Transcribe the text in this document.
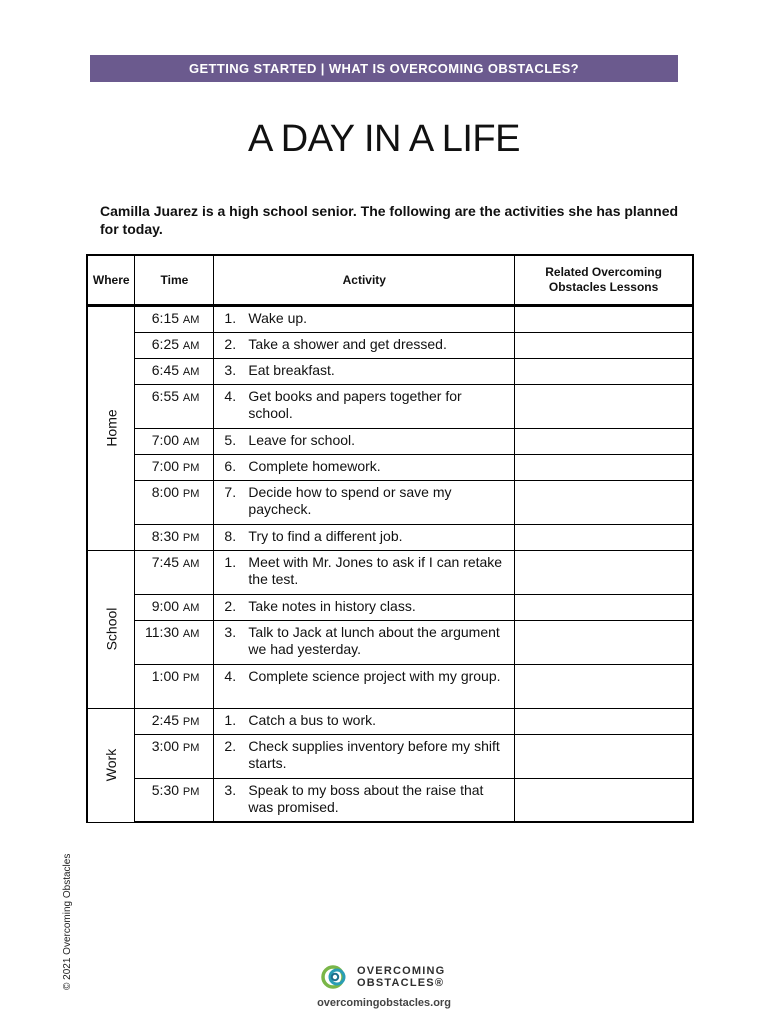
GETTING STARTED | WHAT IS OVERCOMING OBSTACLES?
A DAY IN A LIFE

Camilla Juarez is a high school senior. The following are the activities she has planned for today.

Where	Time	Activity	Related Overcoming Obstacles Lessons
Home	6:15 AM	1. Wake up.	

	6:25 AM	2. Take a shower and get dressed.	

	6:45 AM	3. Eat breakfast.	

	6:55 AM	4. Get books and papers together for school.	

	7:00 AM	5. Leave for school.	

	7:00 PM	6. Complete homework.	

	8:00 PM	7. Decide how to spend or save my paycheck.	

	8:30 PM	8. Try to find a different job.	

School	7:45 AM	1. Meet with Mr. Jones to ask if I can retake the test.	

	9:00 AM	2. Take notes in history class.	

	11:30 AM	3. Talk to Jack at lunch about the argument we had yesterday.	

	1:00 PM	4. Complete science project with my group.	

Work	2:45 PM	1. Catch a bus to work.	

	3:00 PM	2. Check supplies inventory before my shift starts.	

	5:30 PM	3. Speak to my boss about the raise that was promised.	

© 2021 Overcoming Obstacles	OVERCOMING
OBSTACLES®
overcomingobstacles.org
